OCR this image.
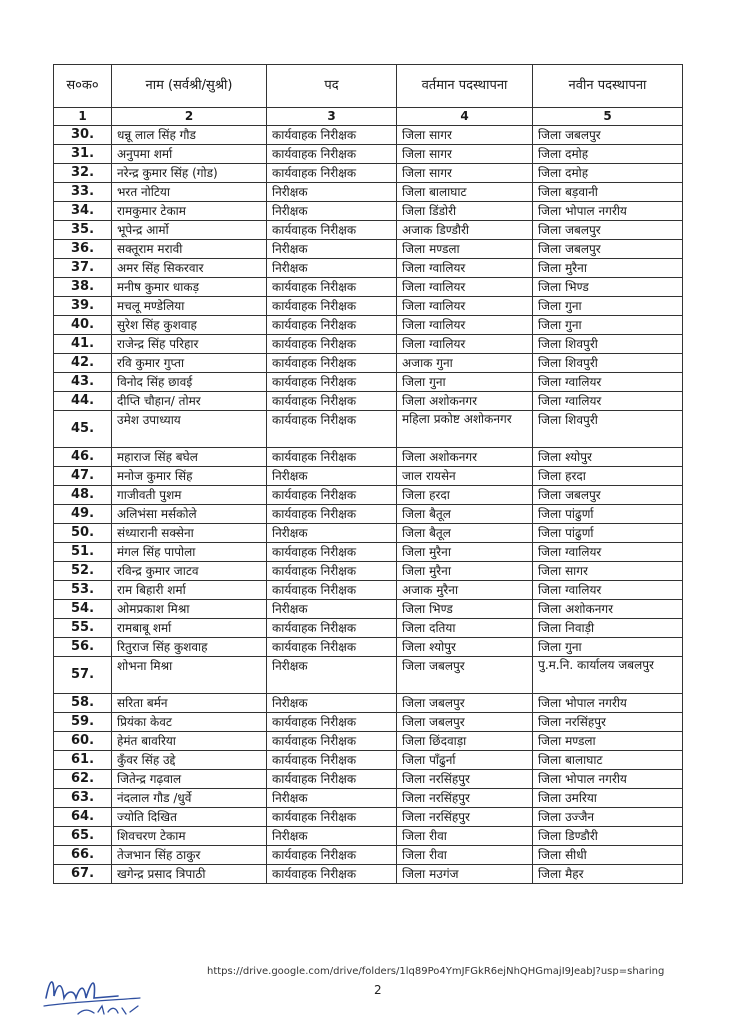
स०क०	नाम (सर्वश्री/सुश्री)	पद	वर्तमान पदस्थापना	नवीन पदस्थापना
1	2	3	4	5
30.	धन्नू लाल सिंह गौड	कार्यवाहक निरीक्षक	जिला सागर	जिला जबलपुर
31.	अनुपमा शर्मा	कार्यवाहक निरीक्षक	जिला सागर	जिला दमोह
32.	नरेन्द्र कुमार सिंह (गोड)	कार्यवाहक निरीक्षक	जिला सागर	जिला दमोह
33.	भरत नोटिया	निरीक्षक	जिला बालाघाट	जिला बड़वानी
34.	रामकुमार टेकाम	निरीक्षक	जिला डिंडोरी	जिला भोपाल नगरीय
35.	भूपेन्द्र आर्मो	कार्यवाहक निरीक्षक	अजाक डिण्डौरी	जिला जबलपुर
36.	सक्तूराम मरावी	निरीक्षक	जिला मण्डला	जिला जबलपुर
37.	अमर सिंह सिकरवार	निरीक्षक	जिला ग्वालियर	जिला मुरैना
38.	मनीष कुमार धाकड़	कार्यवाहक निरीक्षक	जिला ग्वालियर	जिला भिण्ड
39.	मचलू मण्डेलिया	कार्यवाहक निरीक्षक	जिला ग्वालियर	जिला गुना
40.	सुरेश सिंह कुशवाह	कार्यवाहक निरीक्षक	जिला ग्वालियर	जिला गुना
41.	राजेन्द्र सिंह परिहार	कार्यवाहक निरीक्षक	जिला ग्वालियर	जिला शिवपुरी
42.	रवि कुमार गुप्ता	कार्यवाहक निरीक्षक	अजाक गुना	जिला शिवपुरी
43.	विनोद सिंह छावई	कार्यवाहक निरीक्षक	जिला गुना	जिला ग्वालियर
44.	दीप्ति चौहान/ तोमर	कार्यवाहक निरीक्षक	जिला अशोकनगर	जिला ग्वालियर
45.	उमेश उपाध्याय	कार्यवाहक निरीक्षक	महिला प्रकोष्ट अशोकनगर	जिला शिवपुरी
46.	महाराज सिंह बघेल	कार्यवाहक निरीक्षक	जिला अशोकनगर	जिला श्योपुर
47.	मनोज कुमार सिंह	निरीक्षक	जाल रायसेन	जिला हरदा
48.	गाजीवती पुशम	कार्यवाहक निरीक्षक	जिला हरदा	जिला जबलपुर
49.	अलिभंसा मर्सकोले	कार्यवाहक निरीक्षक	जिला बैतूल	जिला पांढुर्णा
50.	संध्यारानी सक्सेना	निरीक्षक	जिला बैतूल	जिला पांढुर्णा
51.	मंगल सिंह पापोला	कार्यवाहक निरीक्षक	जिला मुरैना	जिला ग्वालियर
52.	रविन्द्र कुमार जाटव	कार्यवाहक निरीक्षक	जिला मुरैना	जिला सागर
53.	राम बिहारी शर्मा	कार्यवाहक निरीक्षक	अजाक मुरैना	जिला ग्वालियर
54.	ओमप्रकाश मिश्रा	निरीक्षक	जिला भिण्ड	जिला अशोकनगर
55.	रामबाबू शर्मा	कार्यवाहक निरीक्षक	जिला दतिया	जिला निवाड़ी
56.	रितुराज सिंह कुशवाह	कार्यवाहक निरीक्षक	जिला श्योपुर	जिला गुना
57.	शोभना मिश्रा	निरीक्षक	जिला जबलपुर	पु.म.नि. कार्यालय जबलपुर
58.	सरिता बर्मन	निरीक्षक	जिला जबलपुर	जिला भोपाल नगरीय
59.	प्रियंका केवट	कार्यवाहक निरीक्षक	जिला जबलपुर	जिला नरसिंहपुर
60.	हेमंत बावरिया	कार्यवाहक निरीक्षक	जिला छिंदवाड़ा	जिला मण्डला
61.	कुँवर सिंह उद्दे	कार्यवाहक निरीक्षक	जिला पाँढुर्ना	जिला बालाघाट
62.	जितेन्द्र गढ़वाल	कार्यवाहक निरीक्षक	जिला नरसिंहपुर	जिला भोपाल नगरीय
63.	नंदलाल गौड /धुर्वे	निरीक्षक	जिला नरसिंहपुर	जिला उमरिया
64.	ज्योति दिखित	कार्यवाहक निरीक्षक	जिला नरसिंहपुर	जिला उज्जैन
65.	शिवचरण टेकाम	निरीक्षक	जिला रीवा	जिला डिण्डौरी
66.	तेजभान सिंह ठाकुर	कार्यवाहक निरीक्षक	जिला रीवा	जिला सीधी
67.	खगेन्द्र प्रसाद त्रिपाठी	कार्यवाहक निरीक्षक	जिला मउगंज	जिला मैहर
https://drive.google.com/drive/folders/1lq89Po4YmJFGkR6ejNhQHGmajI9JeabJ?usp=sharing
2
